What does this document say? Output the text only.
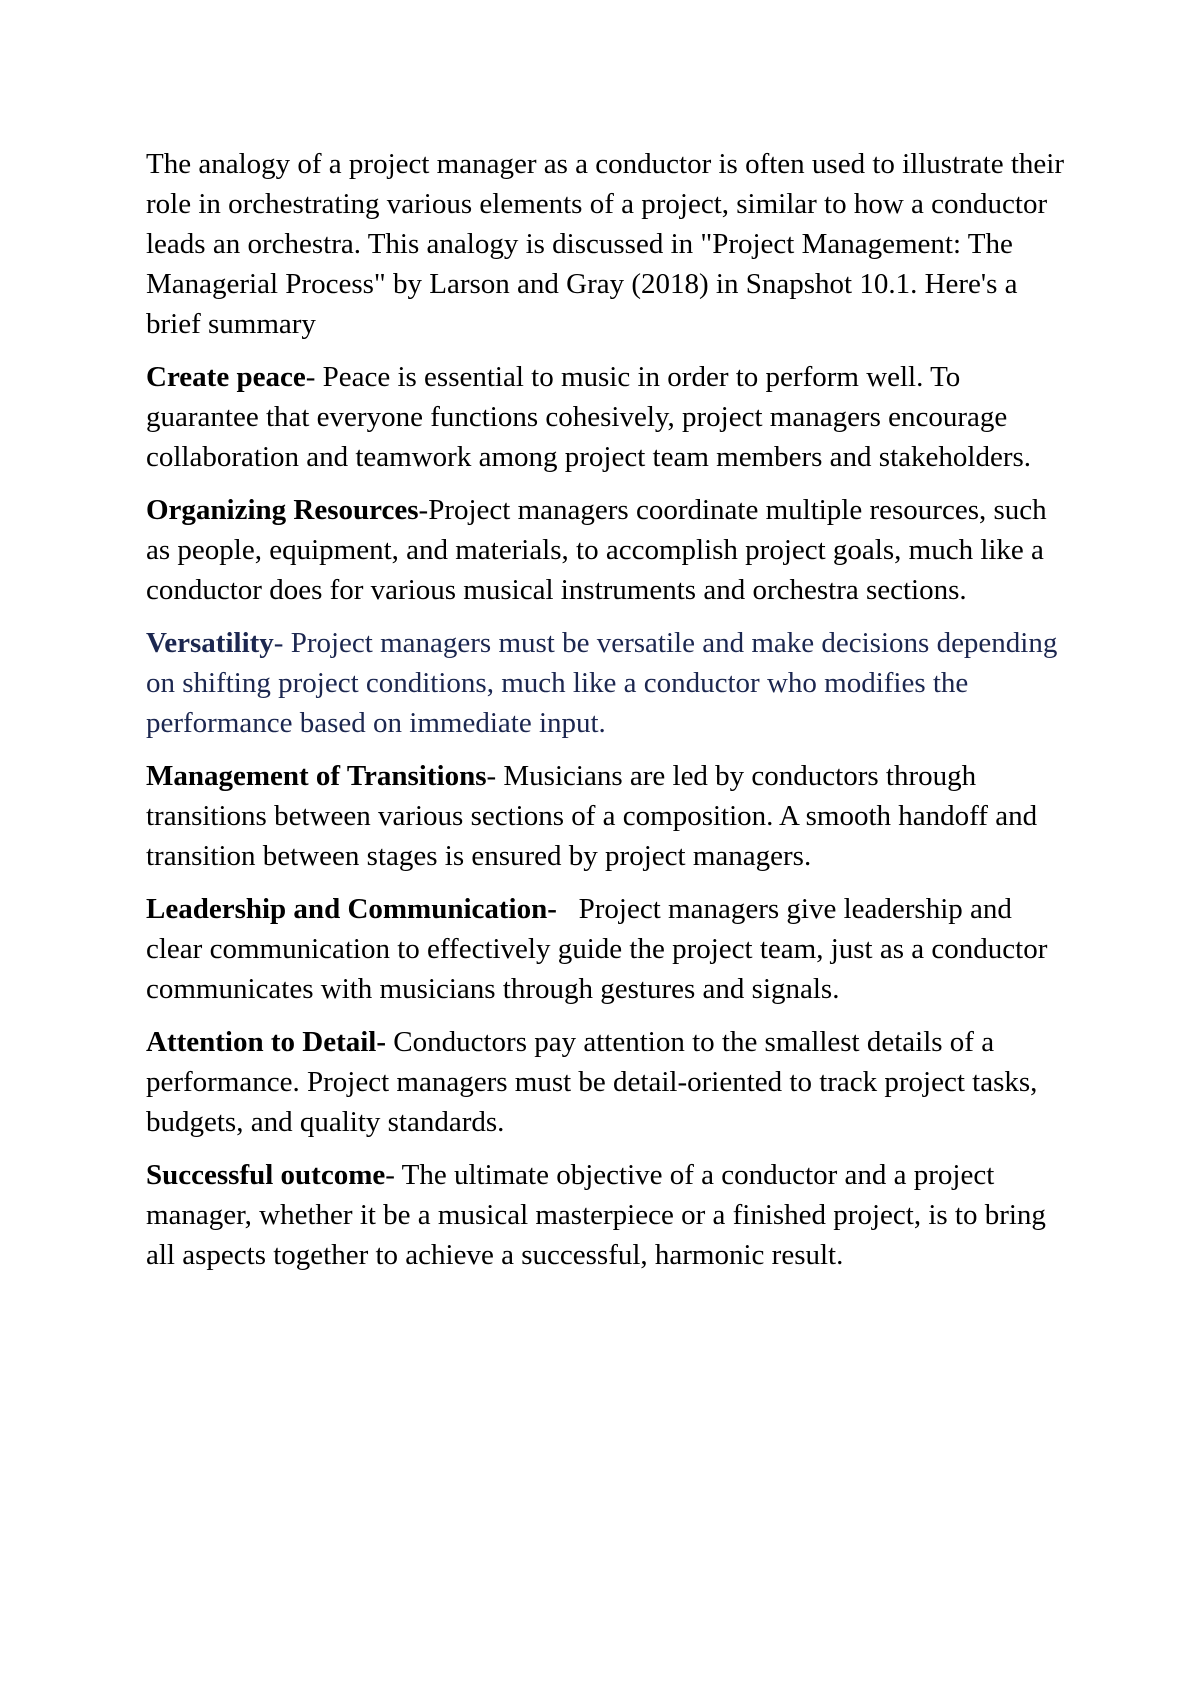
The analogy of a project manager as a conductor is often used to illustrate their role in orchestrating various elements of a project, similar to how a conductor leads an orchestra. This analogy is discussed in "Project Management: The Managerial Process" by Larson and Gray (2018) in Snapshot 10.1. Here's a brief summary

Create peace- Peace is essential to music in order to perform well. To guarantee that everyone functions cohesively, project managers encourage collaboration and teamwork among project team members and stakeholders.

Organizing Resources-Project managers coordinate multiple resources, such as people, equipment, and materials, to accomplish project goals, much like a conductor does for various musical instruments and orchestra sections.

Versatility- Project managers must be versatile and make decisions depending on shifting project conditions, much like a conductor who modifies the performance based on immediate input.

Management of Transitions- Musicians are led by conductors through transitions between various sections of a composition. A smooth handoff and transition between stages is ensured by project managers.

Leadership and Communication-   Project managers give leadership and clear communication to effectively guide the project team, just as a conductor communicates with musicians through gestures and signals.

Attention to Detail- Conductors pay attention to the smallest details of a performance. Project managers must be detail-oriented to track project tasks, budgets, and quality standards.

Successful outcome- The ultimate objective of a conductor and a project manager, whether it be a musical masterpiece or a finished project, is to bring all aspects together to achieve a successful, harmonic result.
